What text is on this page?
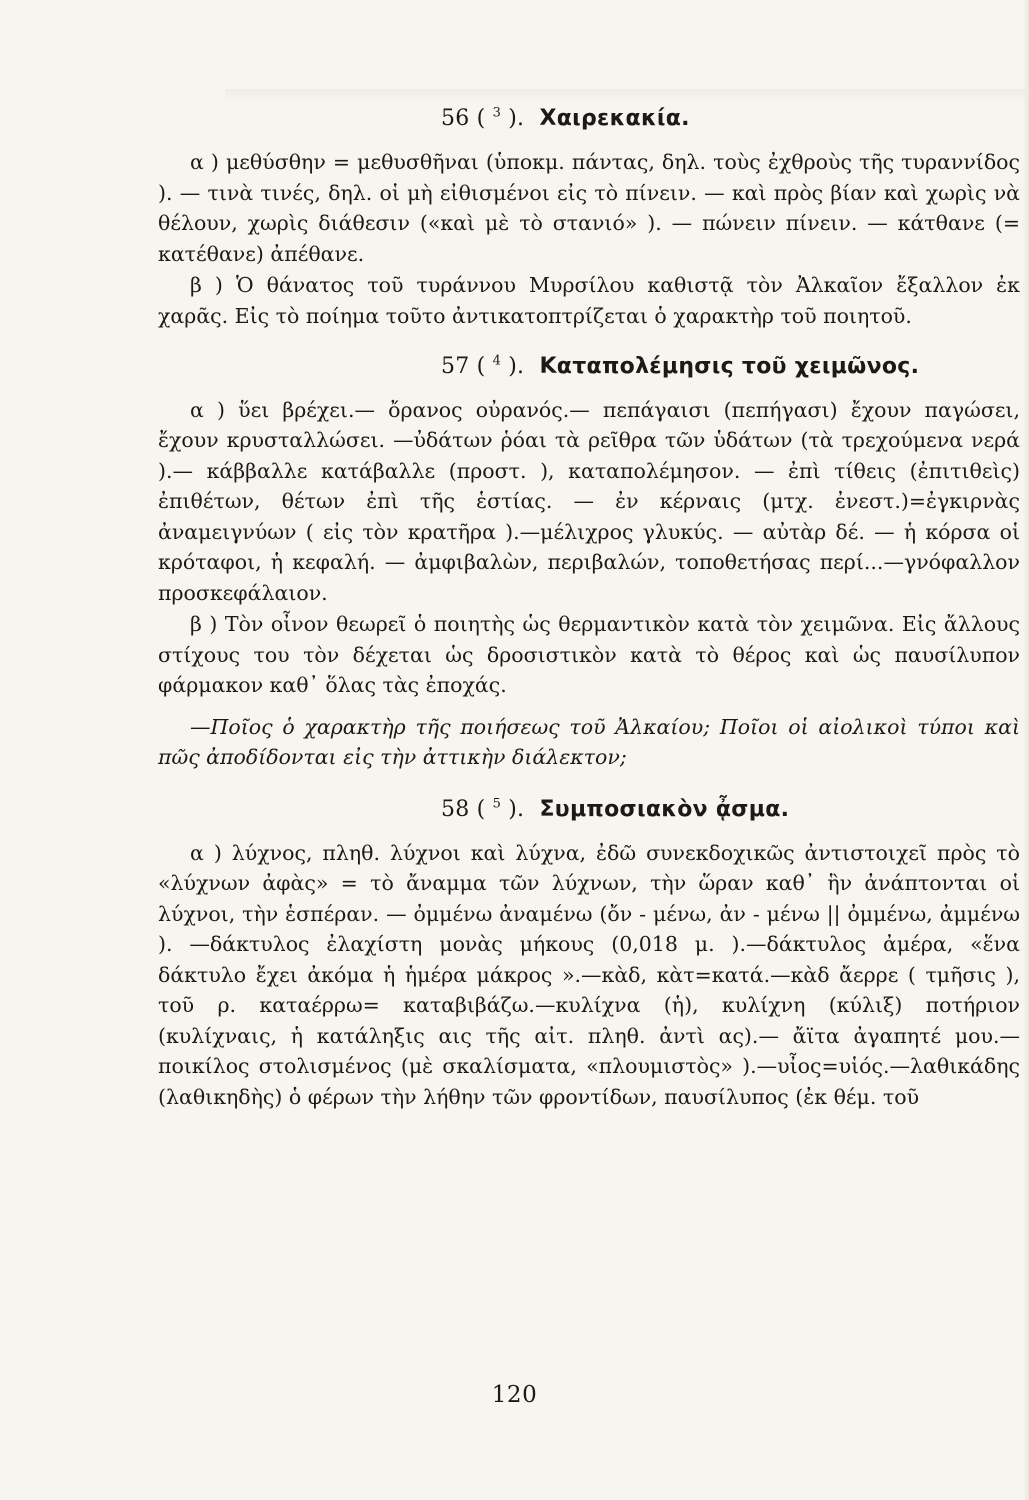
56 ( $^3$ ). Χαιρεκακία.

α ) μεθύσθην = μεθυσθῆναι (ὑποκμ. πάντας, δηλ. τοὺς ἐχθροὺς τῆς τυραννίδος ). — τινὰ τινές, δηλ. οἱ μὴ εἰθισμένοι εἰς τὸ πίνειν. — καὶ πρὸς βίαν καὶ χωρὶς νὰ θέλουν, χωρὶς διάθεσιν («καὶ μὲ τὸ στανιό» ). — πώνειν πίνειν. — κάτθανε (= κατέθανε) ἀπέθανε.

β ) Ὁ θάνατος τοῦ τυράννου Μυρσίλου καθιστᾷ τὸν Ἀλκαῖον ἔξαλλον ἐκ χαρᾶς. Εἰς τὸ ποίημα τοῦτο ἀντικατοπτρίζεται ὁ χαρακτὴρ τοῦ ποιητοῦ.

57 ( $^4$ ). Καταπολέμησις τοῦ χειμῶνος.

α ) ὕει βρέχει.— ὄρανος οὐρανός.— πεπάγαισι (πεπήγασι) ἔχουν παγώσει, ἔχουν κρυσταλλώσει. —ὐδάτων ῥόαι τὰ ρεῖθρα τῶν ὑδάτων (τὰ τρεχούμενα νερά ).— κάββαλλε κατάβαλλε (προστ. ), καταπολέμησον. — ἐπὶ τίθεις (ἐπιτιθεὶς) ἐπιθέτων, θέτων ἐπὶ τῆς ἑστίας. — ἐν κέρναις (μτχ. ἐνεστ.)=ἐγκιρνὰς ἀναμειγνύων ( εἰς τὸν κρατῆρα ).—μέλιχρος γλυκύς. — αὐτὰρ δέ. — ἡ κόρσα οἱ κρόταφοι, ἡ κεφαλή. — ἀμφιβαλὼν, περιβαλών, τοποθετήσας περί...—γνόφαλλον προσκεφάλαιον.

β ) Τὸν οἶνον θεωρεῖ ὁ ποιητὴς ὡς θερμαντικὸν κατὰ τὸν χειμῶνα. Εἰς ἄλλους στίχους του τὸν δέχεται ὡς δροσιστικὸν κατὰ τὸ θέρος καὶ ὡς παυσίλυπον φάρμακον καθ᾽ ὅλας τὰς ἐποχάς.

—Ποῖος ὁ χαρακτὴρ τῆς ποιήσεως τοῦ Ἀλκαίου; Ποῖοι οἱ αἰολικοὶ τύποι καὶ πῶς ἀποδίδονται εἰς τὴν ἀττικὴν διάλεκτον;

58 ( $^5$ ). Συμποσιακὸν ᾆσμα.

α ) λύχνος, πληθ. λύχνοι καὶ λύχνα, ἐδῶ συνεκδοχικῶς ἀντιστοιχεῖ πρὸς τὸ «λύχνων ἀφὰς» = τὸ ἄναμμα τῶν λύχνων, τὴν ὥραν καθ᾽ ἣν ἀνάπτονται οἱ λύχνοι, τὴν ἑσπέραν. — ὀμμένω ἀναμένω (ὄν - μένω, ἀν - μένω || ὀμμένω, ἀμμένω ). —δάκτυλος ἐλαχίστη μονὰς μήκους (0,018 μ. ).—δάκτυλος ἀμέρα, «ἕνα δάκτυλο ἔχει ἀκόμα ἡ ἡμέρα μάκρος ».—κὰδ, κὰτ=κατά.—κὰδ ἄερρε ( τμῆσις ), τοῦ ρ. καταέρρω= καταβιβάζω.—κυλίχνα (ἡ), κυλίχνη (κύλιξ) ποτήριον (κυλίχναις, ἡ κατάληξις αις τῆς αἰτ. πληθ. ἀντὶ ας).— ἄϊτα ἀγαπητέ μου.— ποικίλος στολισμένος (μὲ σκαλίσματα, «πλουμιστὸς» ).—υἶος=υἱός.—λαθικάδης (λαθικηδὴς) ὁ φέρων τὴν λήθην τῶν φροντίδων, παυσίλυπος (ἐκ θέμ. τοῦ

120
